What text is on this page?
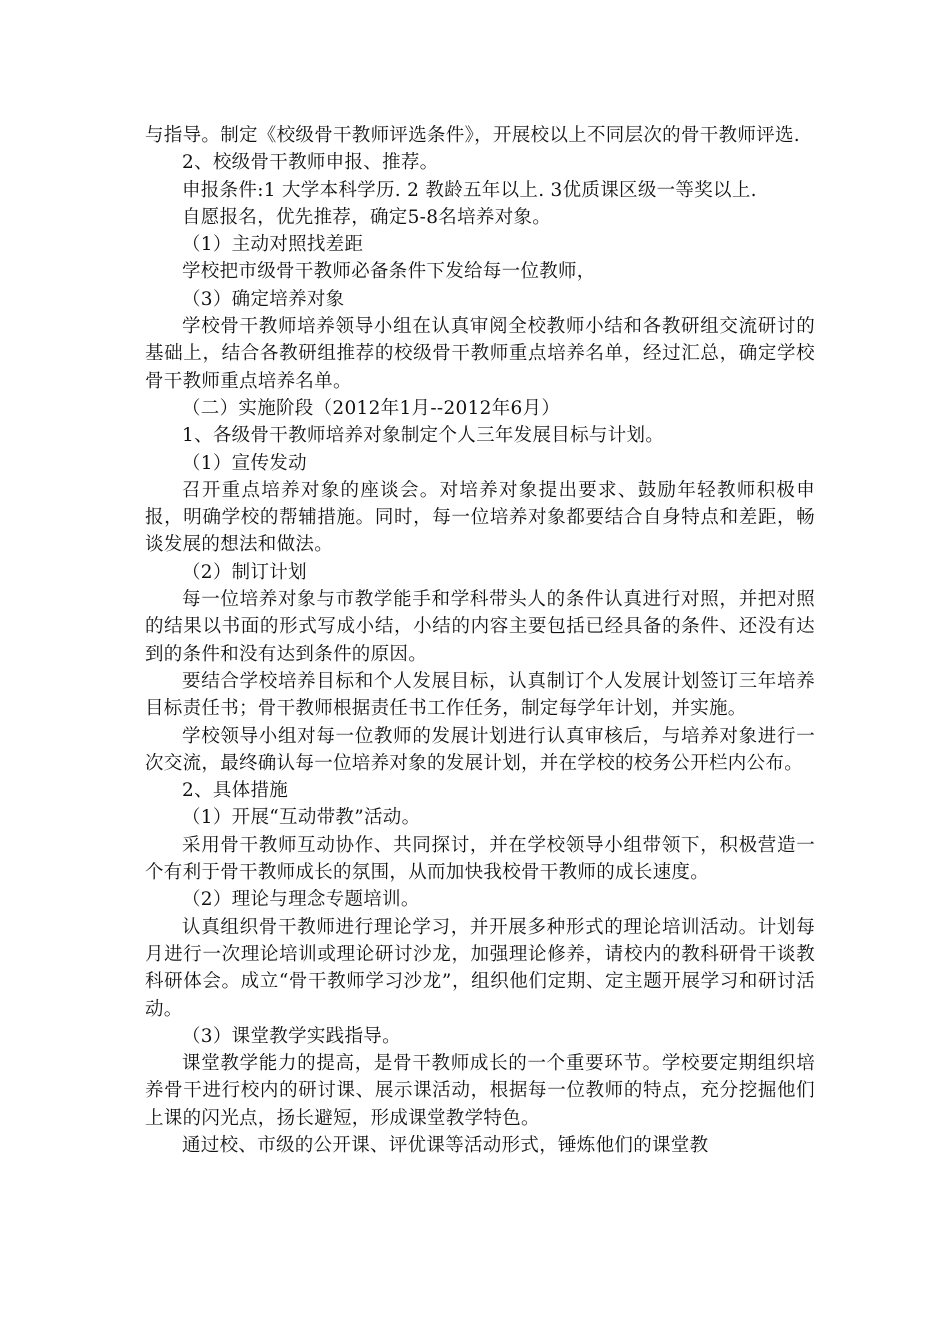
与指导。制定《校级骨干教师评选条件》，开展校以上不同层次的骨干教师评选.

2、校级骨干教师申报、推荐。

申报条件:1 大学本科学历. 2 教龄五年以上. 3优质课区级一等奖以上.

自愿报名，优先推荐，确定5-8名培养对象。

（1）主动对照找差距

学校把市级骨干教师必备条件下发给每一位教师，

（3）确定培养对象

学校骨干教师培养领导小组在认真审阅全校教师小结和各教研组交流研讨的基础上，结合各教研组推荐的校级骨干教师重点培养名单，经过汇总，确定学校骨干教师重点培养名单。

（二）实施阶段（2012年1月--2012年6月）

1、各级骨干教师培养对象制定个人三年发展目标与计划。

（1）宣传发动

召开重点培养对象的座谈会。对培养对象提出要求、鼓励年轻教师积极申报，明确学校的帮辅措施。同时，每一位培养对象都要结合自身特点和差距，畅谈发展的想法和做法。

（2）制订计划

每一位培养对象与市教学能手和学科带头人的条件认真进行对照，并把对照的结果以书面的形式写成小结，小结的内容主要包括已经具备的条件、还没有达到的条件和没有达到条件的原因。

要结合学校培养目标和个人发展目标，认真制订个人发展计划签订三年培养目标责任书；骨干教师根据责任书工作任务，制定每学年计划，并实施。

学校领导小组对每一位教师的发展计划进行认真审核后，与培养对象进行一次交流，最终确认每一位培养对象的发展计划，并在学校的校务公开栏内公布。

2、具体措施

（1）开展“互动带教”活动。

采用骨干教师互动协作、共同探讨，并在学校领导小组带领下，积极营造一个有利于骨干教师成长的氛围，从而加快我校骨干教师的成长速度。

（2）理论与理念专题培训。

认真组织骨干教师进行理论学习，并开展多种形式的理论培训活动。计划每月进行一次理论培训或理论研讨沙龙，加强理论修养，请校内的教科研骨干谈教科研体会。成立“骨干教师学习沙龙”，组织他们定期、定主题开展学习和研讨活动。

（3）课堂教学实践指导。

课堂教学能力的提高，是骨干教师成长的一个重要环节。学校要定期组织培养骨干进行校内的研讨课、展示课活动，根据每一位教师的特点，充分挖掘他们上课的闪光点，扬长避短，形成课堂教学特色。

通过校、市级的公开课、评优课等活动形式，锤炼他们的课堂教
